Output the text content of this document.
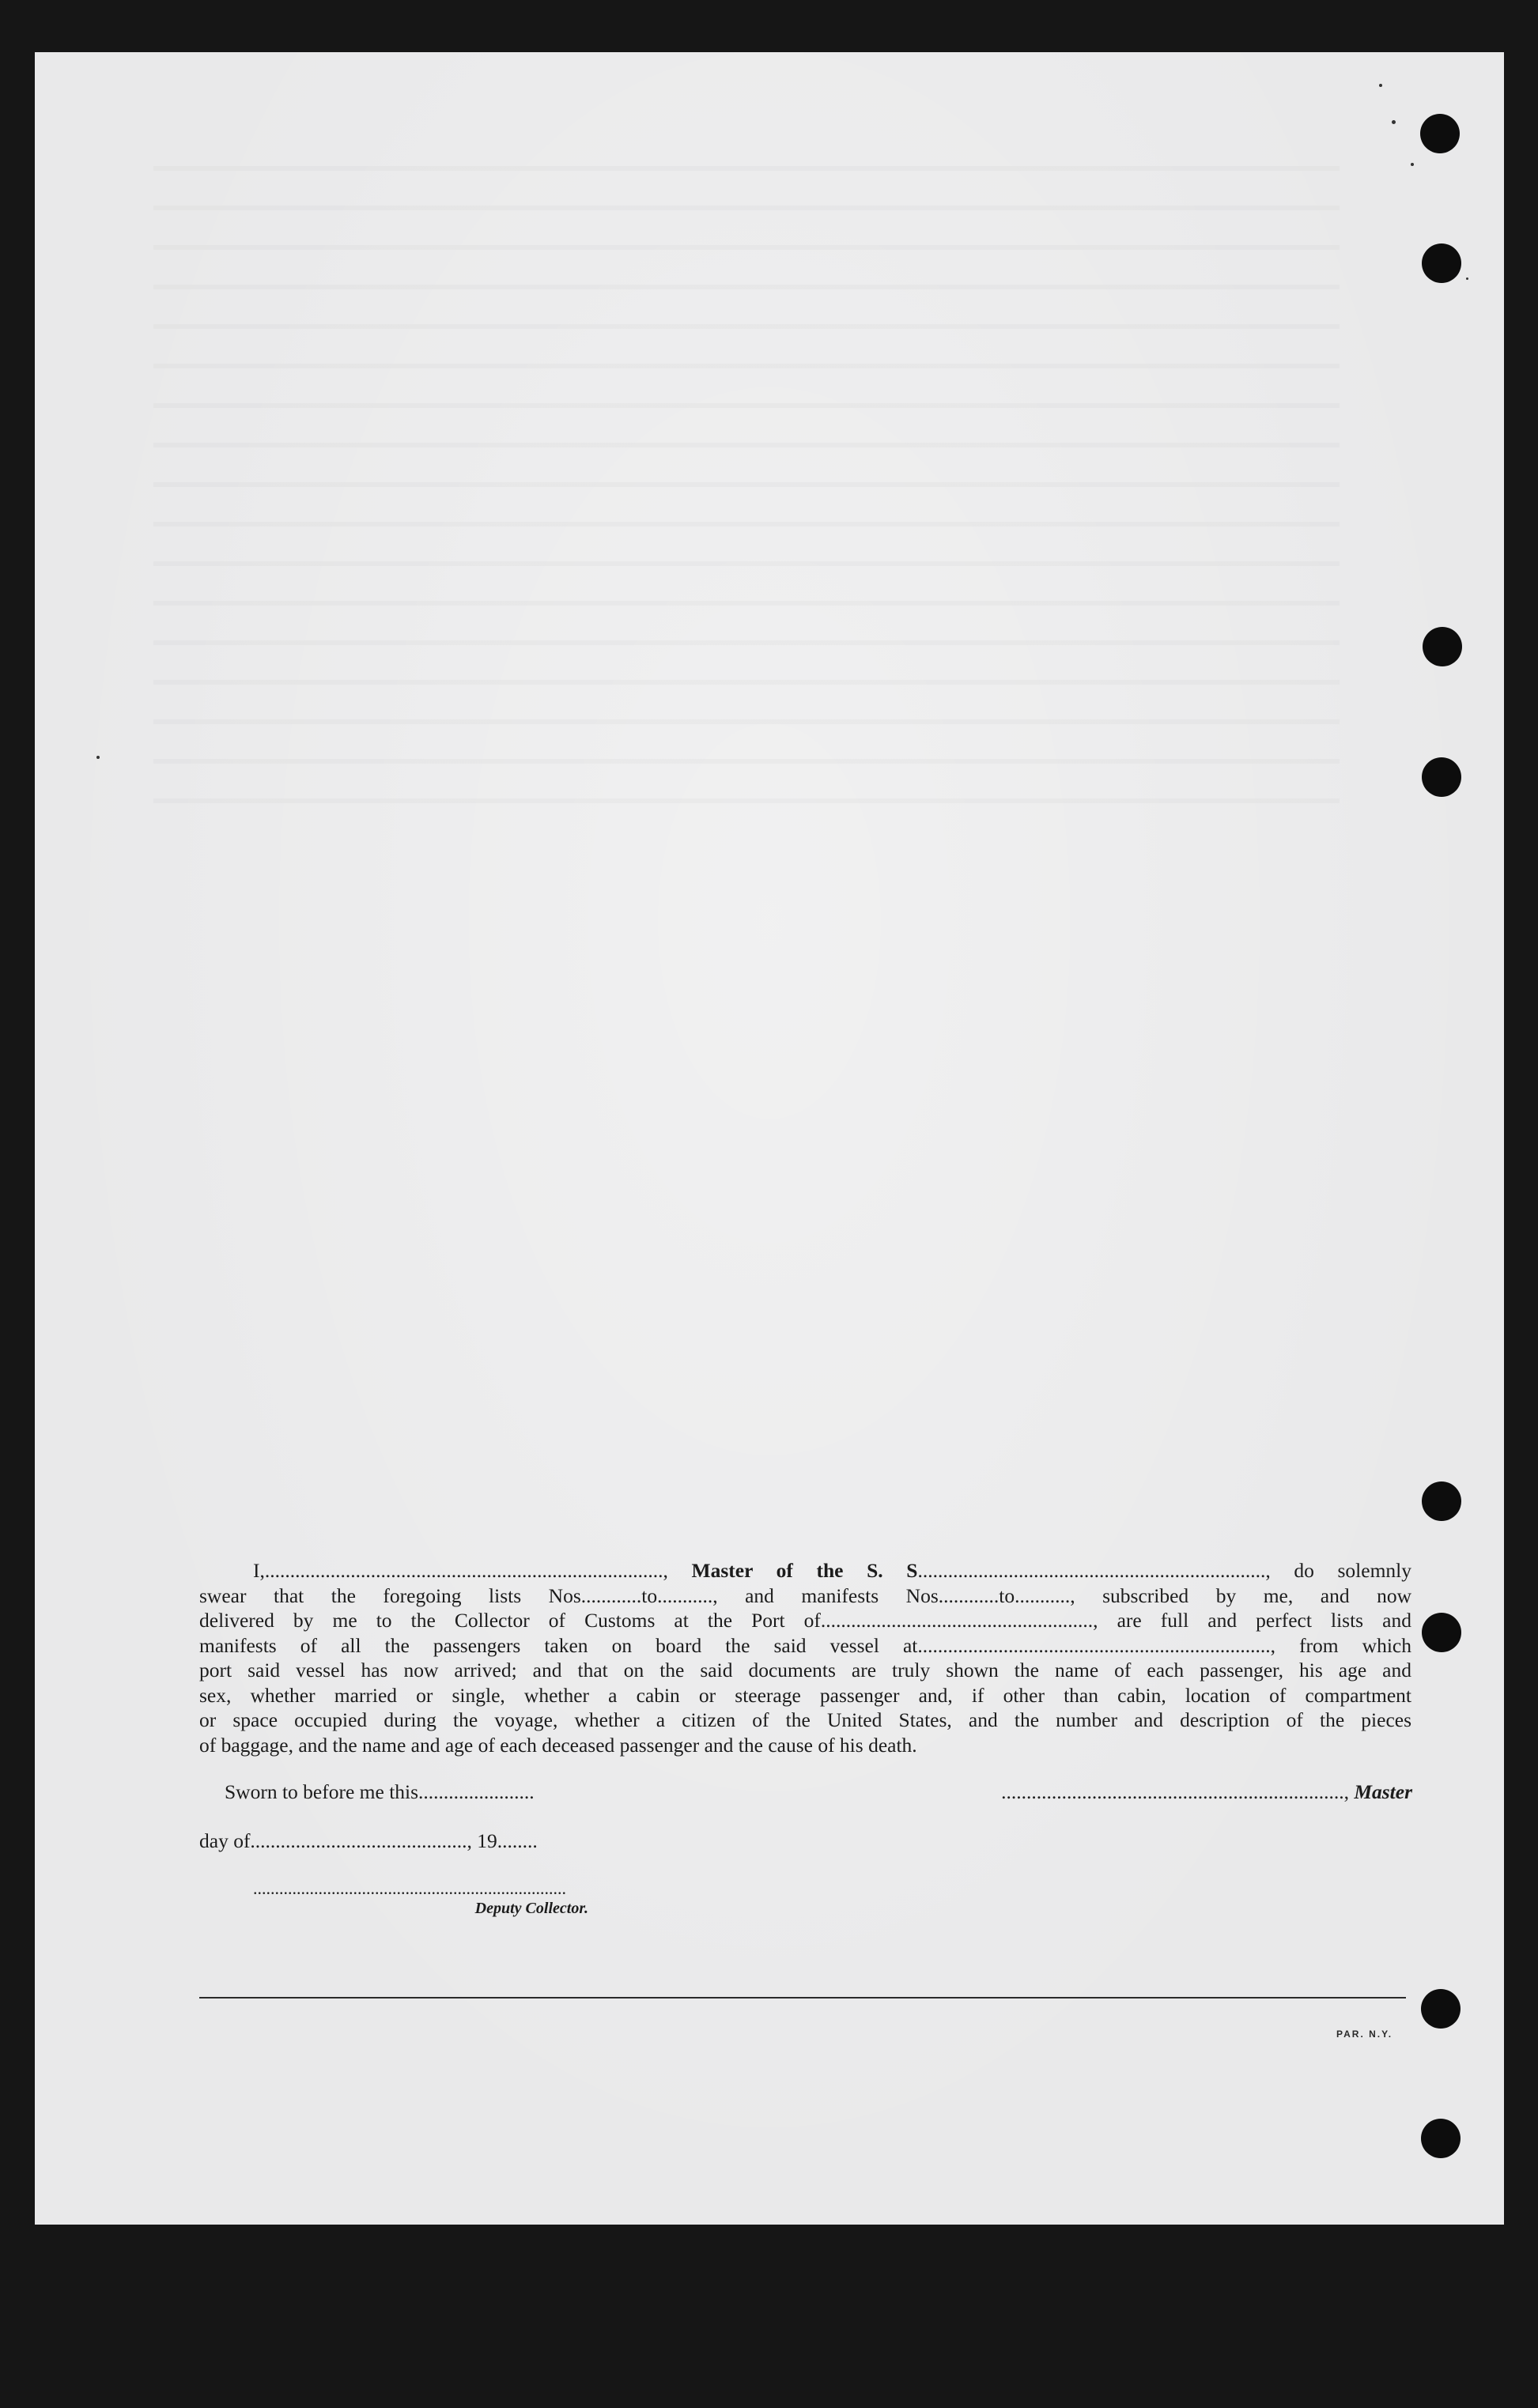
I,..............................................................................., Master of the S. S....................................................................., do solemnly
swear that the foregoing lists Nos............to..........., and manifests Nos............to..........., subscribed by me, and now
delivered by me to the Collector of Customs at the Port of......................................................, are full and perfect lists and
manifests of all the passengers taken on board the said vessel at......................................................................, from which
port said vessel has now arrived; and that on the said documents are truly shown the name of each passenger, his age and
sex, whether married or single, whether a cabin or steerage passenger and, if other than cabin, location of compartment
or space occupied during the voyage, whether a citizen of the United States, and the number and description of the pieces
of baggage, and the name and age of each deceased passenger and the cause of his death.
Sworn to before me this.......................	...................................................................., Master
day of..........................................., 19........
........................................................................
Deputy Collector.
PAR. N.Y.
